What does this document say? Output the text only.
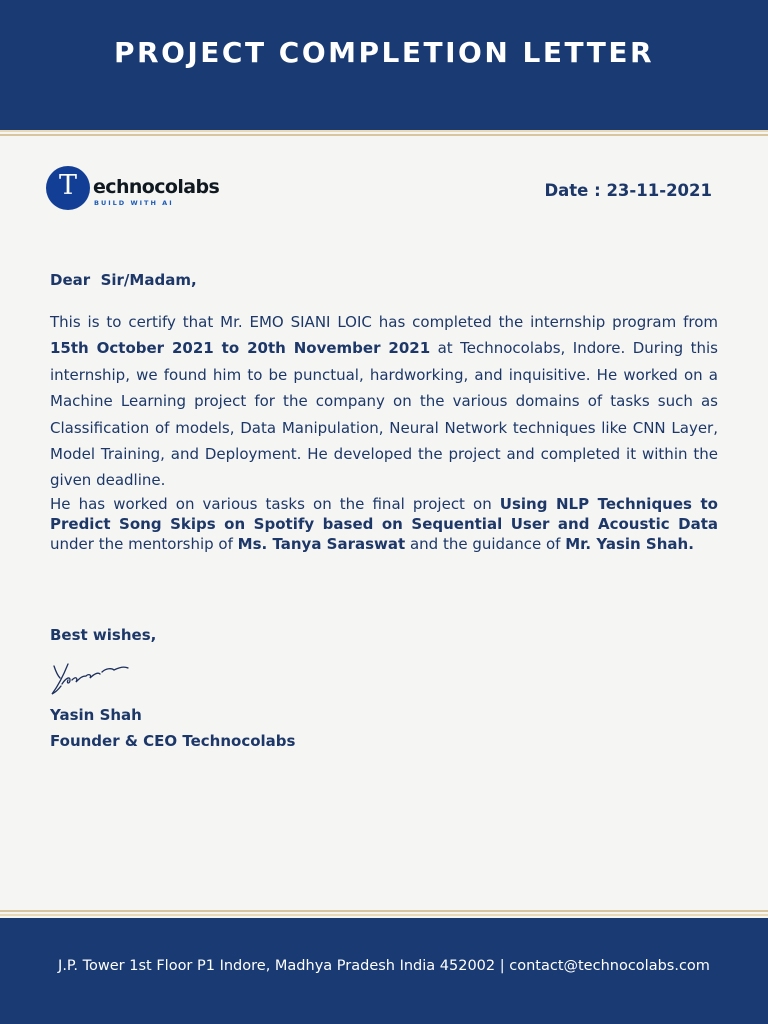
PROJECT COMPLETION LETTER
T echnocolabs
BUILD WITH AI
Date : 23-11-2021
Dear  Sir/Madam,
This is to certify that Mr. EMO SIANI LOIC has completed the internship program from 15th October 2021 to 20th November 2021 at Technocolabs, Indore. During this internship, we found him to be punctual, hardworking, and inquisitive. He worked on a Machine Learning project for the company on the various domains of tasks such as Classification of models, Data Manipulation, Neural Network techniques like CNN Layer, Model Training, and Deployment. He developed the project and completed it within the given deadline.
He has worked on various tasks on the final project on Using NLP Techniques to Predict Song Skips on Spotify based on Sequential User and Acoustic Data under the mentorship of Ms. Tanya Saraswat and the guidance of Mr. Yasin Shah.
Best wishes,
Yasin Shah
Founder & CEO Technocolabs
J.P. Tower 1st Floor P1 Indore, Madhya Pradesh India 452002 | contact@technocolabs.com
